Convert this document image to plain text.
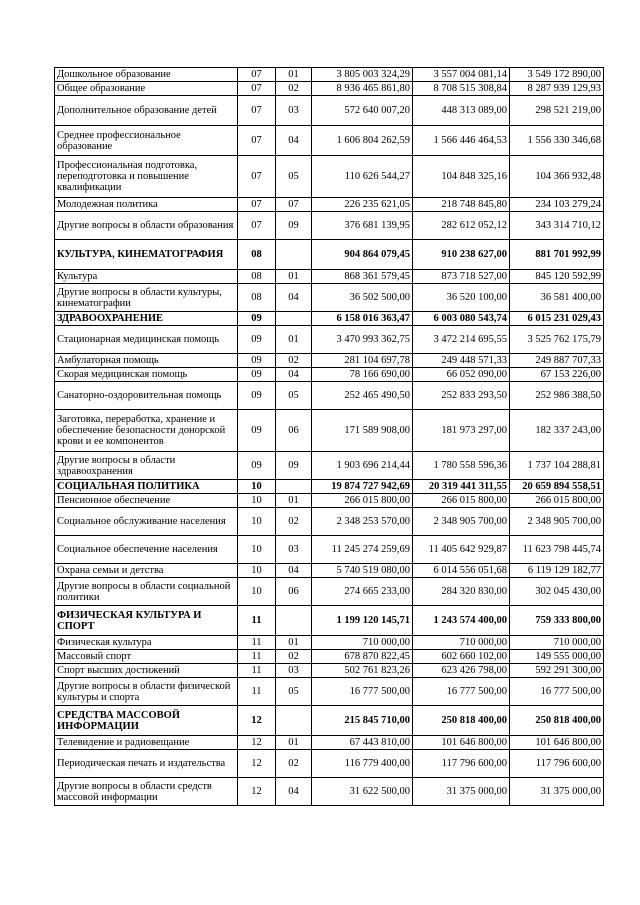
Дошкольное образование	07	01	3 805 003 324,29	3 557 004 081,14	3 549 172 890,00
Общее образование	07	02	8 936 465 861,80	8 708 515 308,84	8 287 939 129,93
Дополнительное образование детей	07	03	572 640 007,20	448 313 089,00	298 521 219,00
Среднее профессиональное образование	07	04	1 606 804 262,59	1 566 446 464,53	1 556 330 346,68
Профессиональная подготовка, переподготовка и повышение квалификации	07	05	110 626 544,27	104 848 325,16	104 366 932,48
Молодежная политика	07	07	226 235 621,05	218 748 845,80	234 103 279,24
Другие вопросы в области образования	07	09	376 681 139,95	282 612 052,12	343 314 710,12
КУЛЬТУРА, КИНЕМАТОГРАФИЯ	08		904 864 079,45	910 238 627,00	881 701 992,99
Культура	08	01	868 361 579,45	873 718 527,00	845 120 592,99
Другие вопросы в области культуры, кинематографии	08	04	36 502 500,00	36 520 100,00	36 581 400,00
ЗДРАВООХРАНЕНИЕ	09		6 158 016 363,47	6 003 080 543,74	6 015 231 029,43
Стационарная медицинская помощь	09	01	3 470 993 362,75	3 472 214 695,55	3 525 762 175,79
Амбулаторная помощь	09	02	281 104 697,78	249 448 571,33	249 887 707,33
Скорая медицинская помощь	09	04	78 166 690,00	66 052 090,00	67 153 226,00
Санаторно-оздоровительная помощь	09	05	252 465 490,50	252 833 293,50	252 986 388,50
Заготовка, переработка, хранение и обеспечение безопасности донорской крови и ее компонентов	09	06	171 589 908,00	181 973 297,00	182 337 243,00
Другие вопросы в области здравоохранения	09	09	1 903 696 214,44	1 780 558 596,36	1 737 104 288,81
СОЦИАЛЬНАЯ ПОЛИТИКА	10		19 874 727 942,69	20 319 441 311,55	20 659 894 558,51
Пенсионное обеспечение	10	01	266 015 800,00	266 015 800,00	266 015 800,00
Социальное обслуживание населения	10	02	2 348 253 570,00	2 348 905 700,00	2 348 905 700,00
Социальное обеспечение населения	10	03	11 245 274 259,69	11 405 642 929,87	11 623 798 445,74
Охрана семьи и детства	10	04	5 740 519 080,00	6 014 556 051,68	6 119 129 182,77
Другие вопросы в области социальной политики	10	06	274 665 233,00	284 320 830,00	302 045 430,00
ФИЗИЧЕСКАЯ КУЛЬТУРА И СПОРТ	11		1 199 120 145,71	1 243 574 400,00	759 333 800,00
Физическая культура	11	01	710 000,00	710 000,00	710 000,00
Массовый спорт	11	02	678 870 822,45	602 660 102,00	149 555 000,00
Спорт высших достижений	11	03	502 761 823,26	623 426 798,00	592 291 300,00
Другие вопросы в области физической культуры и спорта	11	05	16 777 500,00	16 777 500,00	16 777 500,00
СРЕДСТВА МАССОВОЙ ИНФОРМАЦИИ	12		215 845 710,00	250 818 400,00	250 818 400,00
Телевидение и радиовещание	12	01	67 443 810,00	101 646 800,00	101 646 800,00
Периодическая печать и издательства	12	02	116 779 400,00	117 796 600,00	117 796 600,00
Другие вопросы в области средств массовой информации	12	04	31 622 500,00	31 375 000,00	31 375 000,00
